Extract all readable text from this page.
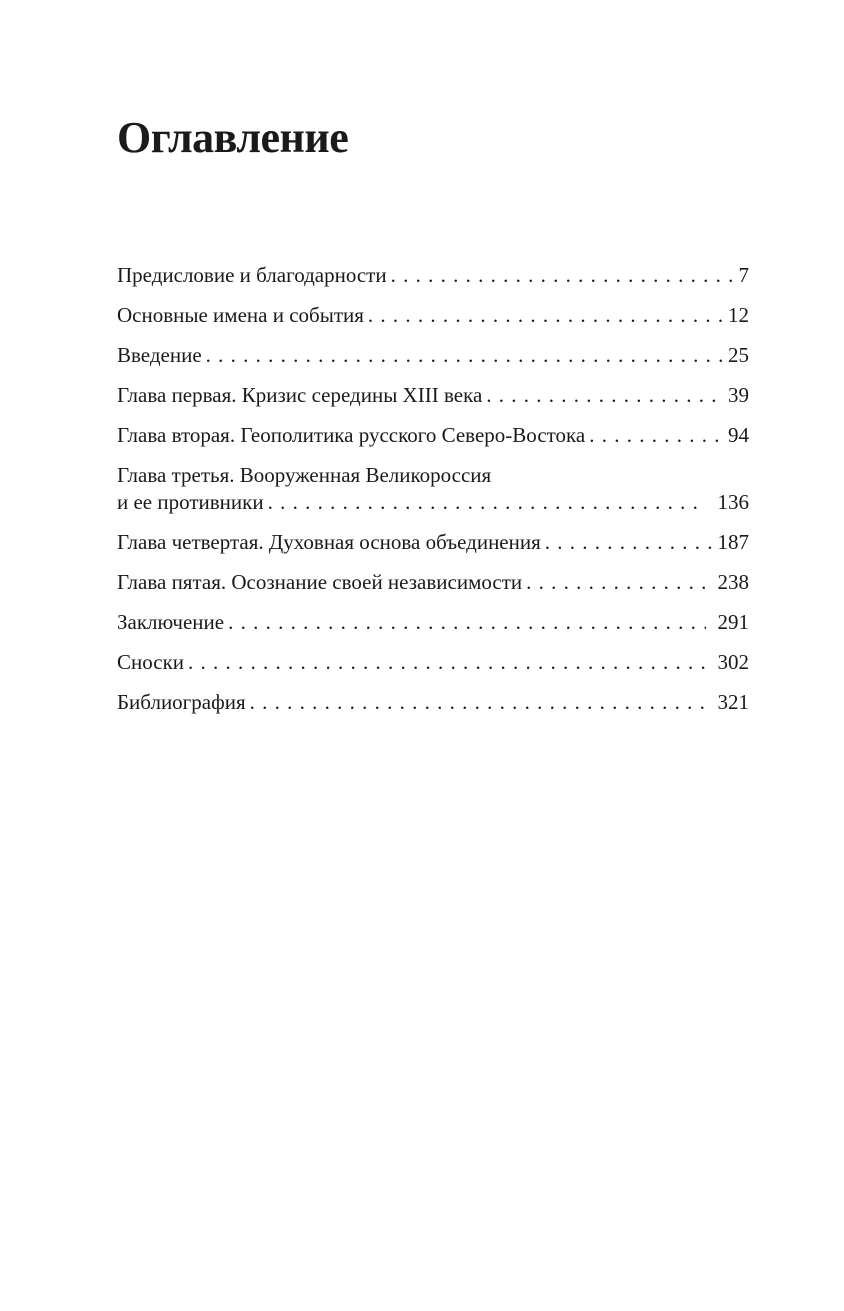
Оглавление
Предисловие и благодарности . . .	7
Основные имена и события . . .	12
Введение . . .	25
Глава первая. Кризис середины XIII века . . .	39
Глава вторая. Геополитика русского Северо-Востока . . .	94
Глава третья. Вооруженная Великороссия
и ее противники . . .	136
Глава четвертая. Духовная основа объединения . . .	187
Глава пятая. Осознание своей независимости . . .	238
Заключение . . .	291
Сноски . . .	302
Библиография . . .	321
